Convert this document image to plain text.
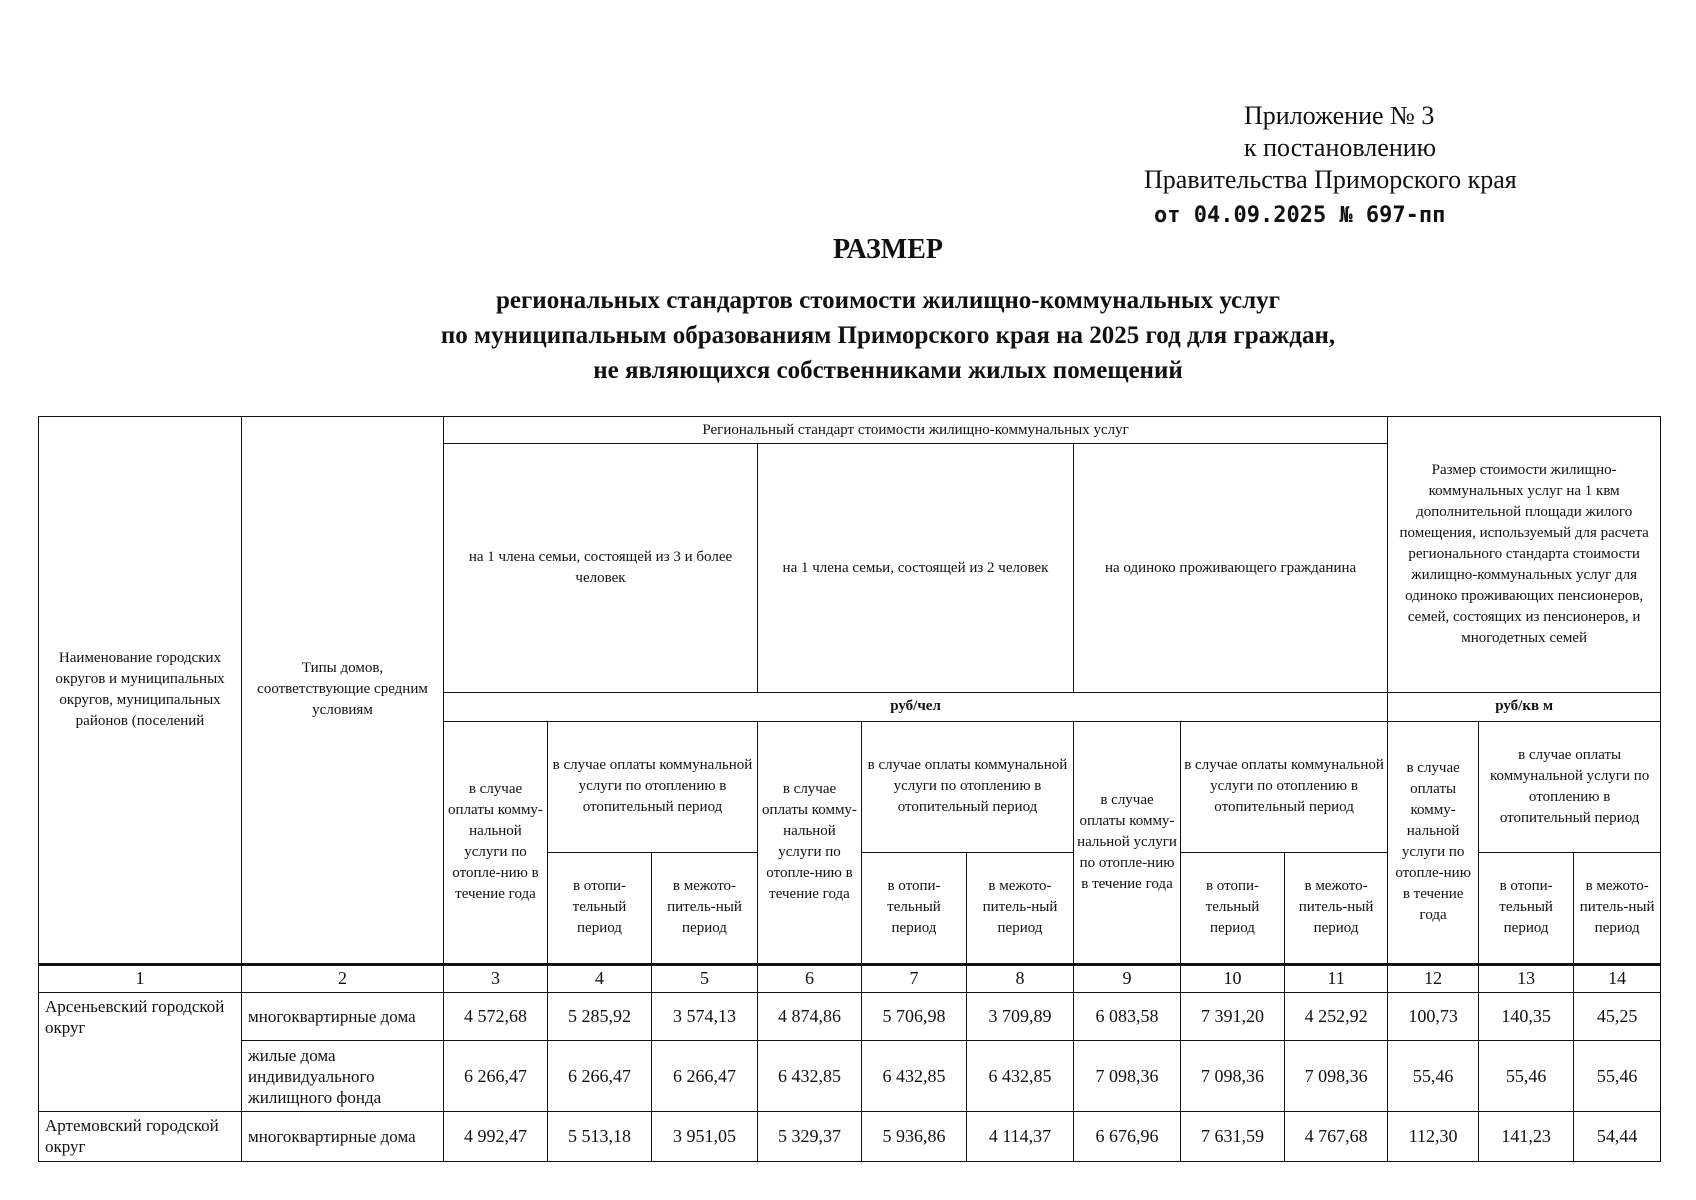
Приложение № 3
к постановлению
Правительства Приморского края
от 04.09.2025 № 697-пп
РАЗМЕР
региональных стандартов стоимости жилищно-коммунальных услуг
по муниципальным образованиям Приморского края на 2025 год для граждан,
не являющихся собственниками жилых помещений
Наименование городских округов и муниципальных округов, муниципальных районов (поселений	Типы домов, соответствующие средним условиям	Региональный стандарт стоимости жилищно-коммунальных услуг									Размер стоимости жилищно-коммунальных услуг на 1 квм дополнительной площади жилого помещения, используемый для расчета регионального стандарта стоимости жилищно-коммунальных услуг для одиноко проживающих пенсионеров, семей, состоящих из пенсионеров, и многодетных семей		
		на 1 члена семьи, состоящей из 3 и более человек			на 1 члена семьи, состоящей из 2 человек			на одиноко проживающего гражданина					
		руб/чел									руб/кв м		
		в случае оплаты комму-нальной услуги по отопле-нию в течение года	в случае оплаты коммунальной услуги по отоплению в отопительный период		в случае оплаты комму-нальной услуги по отопле-нию в течение года	в случае оплаты коммунальной услуги по отоплению в отопительный период		в случае оплаты комму-нальной услуги по отопле-нию в течение года	в случае оплаты коммунальной услуги по отоплению в отопительный период		в случае оплаты комму-нальной услуги по отопле-нию в течение года	в случае оплаты коммунальной услуги по отоплению в отопительный период	
			в отопи-тельный период	в межото-питель-ный период		в отопи-тельный период	в межото-питель-ный период		в отопи-тельный период	в межото-питель-ный период		в отопи-тельный период	в межото-питель-ный период
1	2	3	4	5	6	7	8	9	10	11	12	13	14
Арсеньевский городской округ	многоквартирные дома	4 572,68	5 285,92	3 574,13	4 874,86	5 706,98	3 709,89	6 083,58	7 391,20	4 252,92	100,73	140,35	45,25
	жилые дома индивидуального жилищного фонда	6 266,47	6 266,47	6 266,47	6 432,85	6 432,85	6 432,85	7 098,36	7 098,36	7 098,36	55,46	55,46	55,46
Артемовский городской округ	многоквартирные дома	4 992,47	5 513,18	3 951,05	5 329,37	5 936,86	4 114,37	6 676,96	7 631,59	4 767,68	112,30	141,23	54,44
